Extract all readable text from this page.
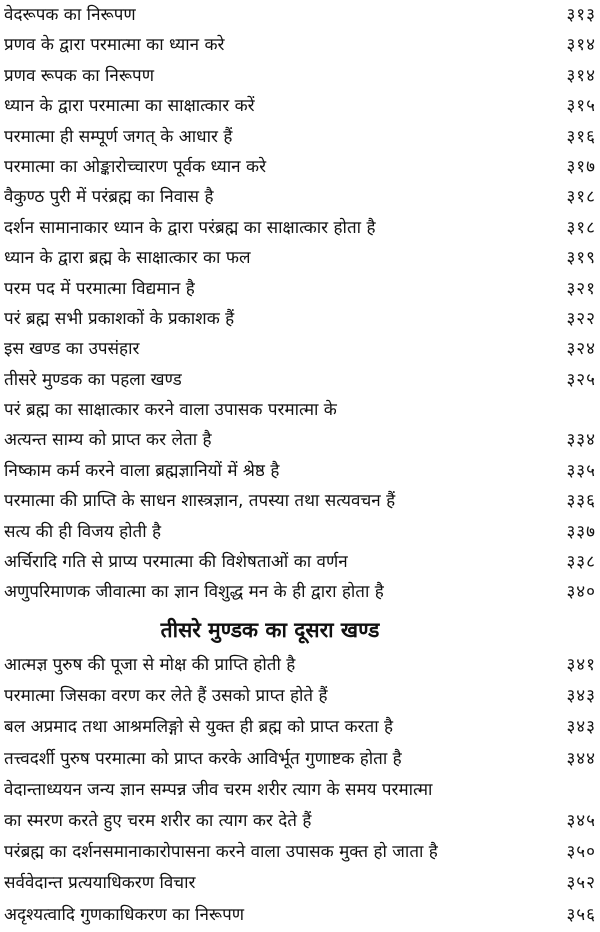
वेदरूपक का निरूपण	३१३
प्रणव के द्वारा परमात्मा का ध्यान करे	३१४
प्रणव रूपक का निरूपण	३१४
ध्यान के द्वारा परमात्मा का साक्षात्कार करें	३१५
परमात्मा ही सम्पूर्ण जगत् के आधार हैं	३१६
परमात्मा का ओङ्कारोच्चारण पूर्वक ध्यान करे	३१७
वैकुण्ठ पुरी में परंब्रह्म का निवास है	३१८
दर्शन सामानाकार ध्यान के द्वारा परंब्रह्म का साक्षात्कार होता है	३१८
ध्यान के द्वारा ब्रह्म के साक्षात्कार का फल	३१९
परम पद में परमात्मा विद्यमान है	३२१
परं ब्रह्म सभी प्रकाशकों के प्रकाशक हैं	३२२
इस खण्ड का उपसंहार	३२४
तीसरे मुण्डक का पहला खण्ड	३२५
परं ब्रह्म का साक्षात्कार करने वाला उपासक परमात्मा के
अत्यन्त साम्य को प्राप्त कर लेता है	३३४
निष्काम कर्म करने वाला ब्रह्मज्ञानियों में श्रेष्ठ है	३३५
परमात्मा की प्राप्ति के साधन शास्त्रज्ञान, तपस्या तथा सत्यवचन हैं	३३६
सत्य की ही विजय होती है	३३७
अर्चिरादि गति से प्राप्य परमात्मा की विशेषताओं का वर्णन	३३८
अणुपरिमाणक जीवात्मा का ज्ञान विशुद्ध मन के ही द्वारा होता है	३४०
तीसरे मुण्डक का दूसरा खण्ड
आत्मज्ञ पुरुष की पूजा से मोक्ष की प्राप्ति होती है	३४१
परमात्मा जिसका वरण कर लेते हैं उसको प्राप्त होते हैं	३४३
बल अप्रमाद तथा आश्रमलिङ्गो से युक्त ही ब्रह्म को प्राप्त करता है	३४३
तत्त्वदर्शी पुरुष परमात्मा को प्राप्त करके आविर्भूत गुणाष्टक होता है	३४४
वेदान्ताध्ययन जन्य ज्ञान सम्पन्न जीव चरम शरीर त्याग के समय परमात्मा
का स्मरण करते हुए चरम शरीर का त्याग कर देते हैं	३४५
परंब्रह्म का दर्शनसमानाकारोपासना करने वाला उपासक मुक्त हो जाता है	३५०
सर्ववेदान्त प्रत्ययाधिकरण विचार	३५२
अदृश्यत्वादि गुणकाधिकरण का निरूपण	३५६
